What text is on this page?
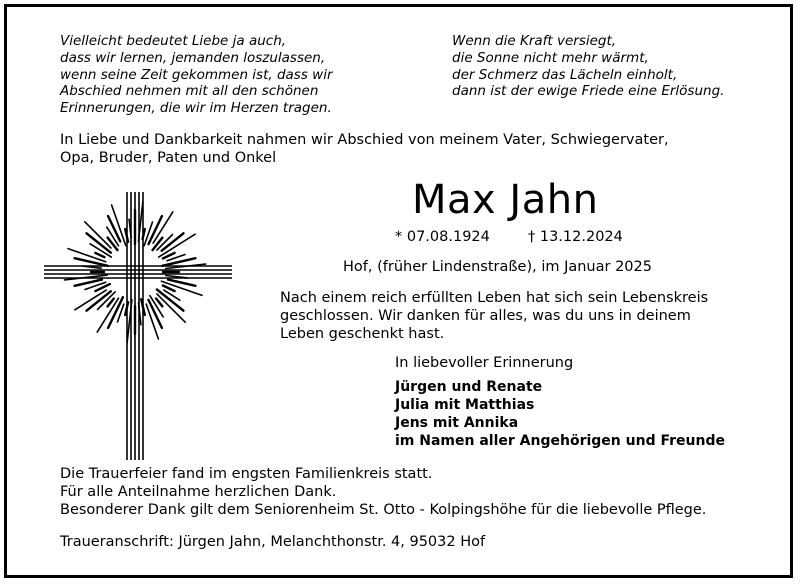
Vielleicht bedeutet Liebe ja auch,
dass wir lernen, jemanden loszulassen,
wenn seine Zeit gekommen ist, dass wir
Abschied nehmen mit all den schönen
Erinnerungen, die wir im Herzen tragen.
Wenn die Kraft versiegt,
die Sonne nicht mehr wärmt,
der Schmerz das Lächeln einholt,
dann ist der ewige Friede eine Erlösung.
In Liebe und Dankbarkeit nahmen wir Abschied von meinem Vater, Schwiegervater,
Opa, Bruder, Paten und Onkel
Max Jahn
* 07.08.1924	† 13.12.2024
Hof, (früher Lindenstraße), im Januar 2025
Nach einem reich erfüllten Leben hat sich sein Lebenskreis
geschlossen. Wir danken für alles, was du uns in deinem
Leben geschenkt hast.
In liebevoller Erinnerung
Jürgen und Renate
Julia mit Matthias
Jens mit Annika
im Namen aller Angehörigen und Freunde
Die Trauerfeier fand im engsten Familienkreis statt.
Für alle Anteilnahme herzlichen Dank.
Besonderer Dank gilt dem Seniorenheim St. Otto - Kolpingshöhe für die liebevolle Pflege.
Traueranschrift: Jürgen Jahn, Melanchthonstr. 4, 95032 Hof
